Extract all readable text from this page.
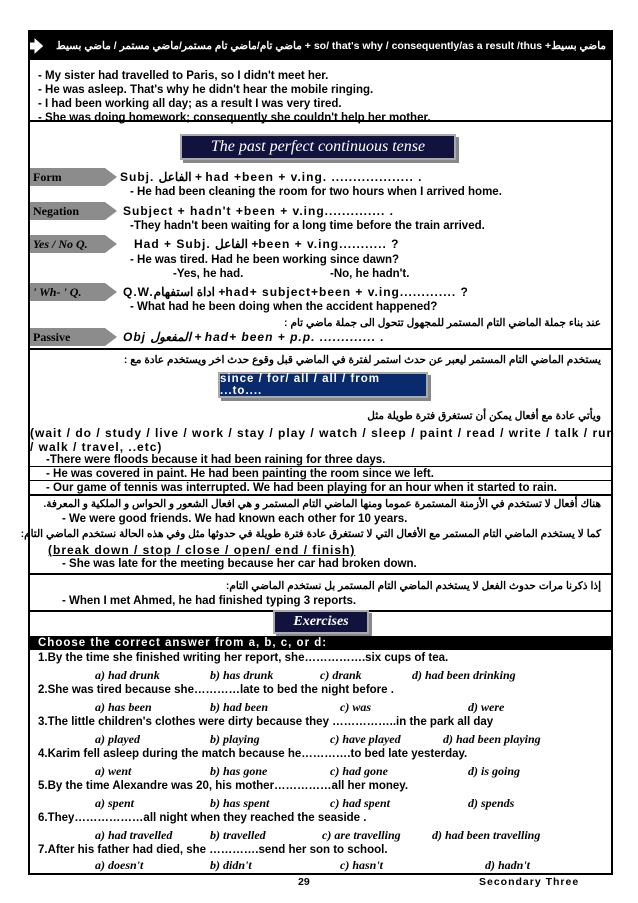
ماضي بسيط+ so/ that's why / consequently/as a result /thus + ماضي تام/ماضي تام مستمر/ماضي مستمر / ماضي بسيط
- My sister had travelled to Paris, so I didn't meet her.
- He was asleep. That's why he didn't hear the mobile ringing.
- I had been working all day; as a result I was very tired.
- She was doing homework; consequently she couldn't help her mother.
The past perfect continuous tense
Form	Subj. الفاعل + had +been + v.ing. ................... .
- He had been cleaning the room for two hours when I arrived home.
Negation	Subject + hadn't +been + v.ing.............. .
-They hadn't been waiting for a long time before the train arrived.
Yes / No Q.	Had + Subj. الفاعل +been + v.ing........... ?
- He was tired. Had he been working since dawn?
-Yes, he had.	-No, he hadn't.
' Wh- ' Q.	Q.W.اداة استفهام +had+ subject+been + v.ing............. ?
- What had he been doing when the accident happened?
عند بناء جملة الماضي التام المستمر للمجهول تتحول الى جملة ماضي تام :
Passive	Obj المفعول + had+ been + p.p. ............. .
يستخدم الماضي التام المستمر ليعبر عن حدث استمر لفترة في الماضي قبل وقوع حدث اخر ويستخدم عادة مع :
since / for/ all / all / from ...to....
ويأتي عادة مع أفعال يمكن أن تستغرق فترة طويلة مثل
(wait / do / study / live / work / stay / play / watch / sleep / paint / read / write / talk / run
/ walk / travel, ..etc)
-There were floods because it had been raining for three days.
- He was covered in paint. He had been painting the room since we left.
- Our game of tennis was interrupted. We had been playing for an hour when it started to rain.
هناك أفعال لا تستخدم في الأزمنة المستمرة عموما ومنها الماضي التام المستمر و هي افعال الشعور و الحواس و الملكية و المعرفة.
- We were good friends. We had known each other for 10 years.
كما لا يستخدم الماضي التام المستمر مع الأفعال التي لا تستغرق عادة فترة طويلة في حدوثها مثل وفي هذه الحالة نستخدم الماضي التام:
(break down / stop / close / open/ end / finish)
- She was late for the meeting because her car had broken down.
إذا ذكرنا مرات حدوث الفعل لا يستخدم الماضي التام المستمر بل نستخدم الماضي التام:
- When I met Ahmed, he had finished typing 3 reports.
Exercises
Choose the correct answer from a, b, c, or d:
1.By the time she finished writing her report, she…………….six cups of tea.
a) had drunk	b) has drunk	c) drank	d) had been drinking
2.She was tired because she…………late to bed the night before .
a) has been	b) had been	c) was	d) were
3.The little children's clothes were dirty because they ……………..in the park all day
a) played	b) playing	c) have played	d) had been playing
4.Karim fell asleep during the match because he………….to bed late yesterday.
a) went	b) has gone	c) had gone	d) is going
5.By the time Alexandre was 20, his mother……………all her money.
a) spent	b) has spent	c) had spent	d) spends
6.They………………all night when they reached the seaside .
a) had travelled	b) travelled	c) are travelling	d) had been travelling
7.After his father had died, she ………….send her son to school.
a) doesn't	b) didn't	c) hasn't	d) hadn't
29	Secondary Three
